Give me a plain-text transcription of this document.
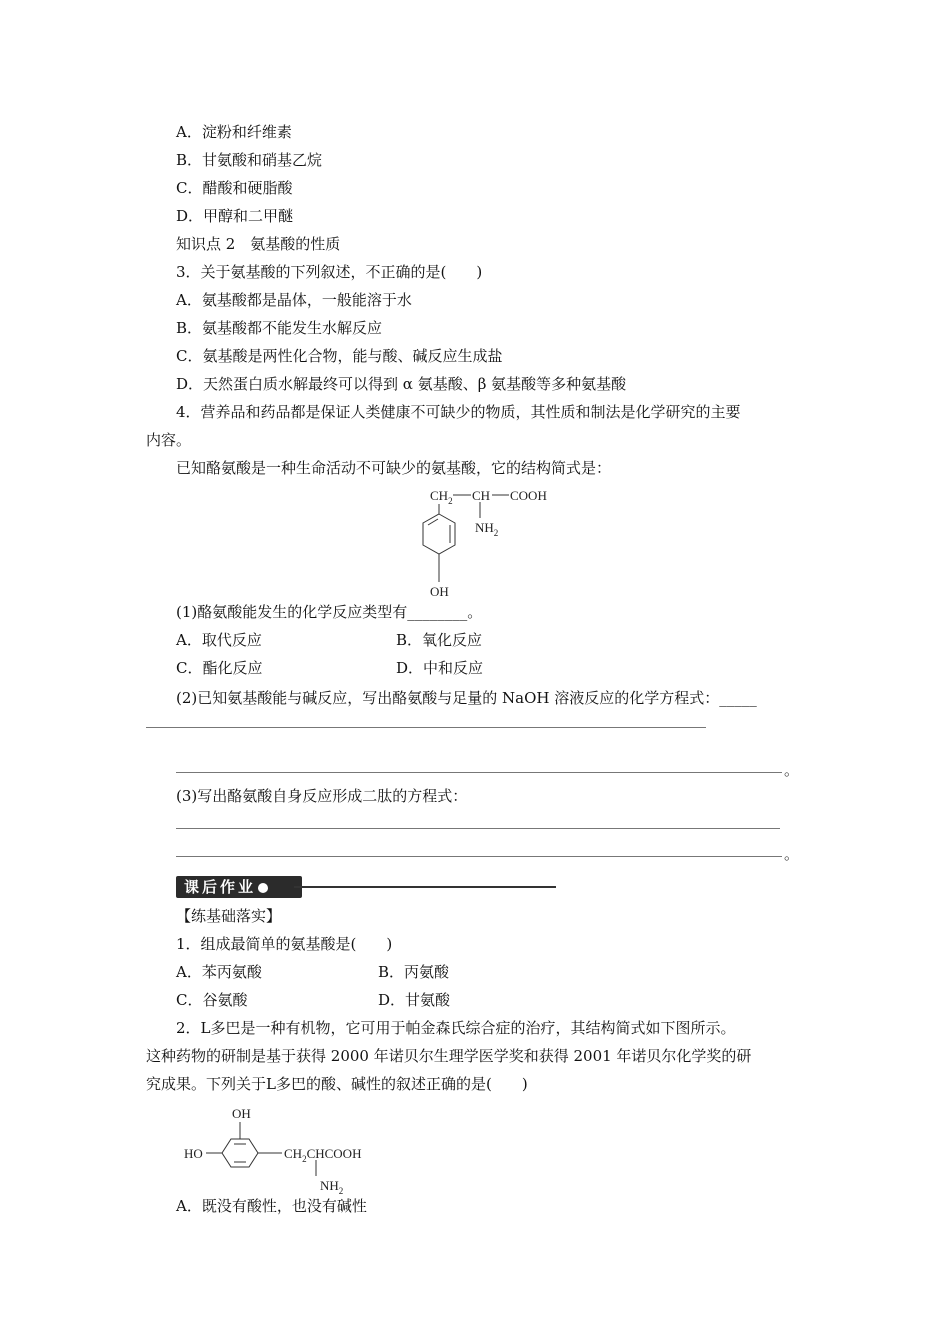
A．淀粉和纤维素
B．甘氨酸和硝基乙烷
C．醋酸和硬脂酸
D．甲醇和二甲醚
知识点 2　氨基酸的性质
3．关于氨基酸的下列叙述，不正确的是(　　)
A．氨基酸都是晶体，一般能溶于水
B．氨基酸都不能发生水解反应
C．氨基酸是两性化合物，能与酸、碱反应生成盐
D．天然蛋白质水解最终可以得到 α 氨基酸、β 氨基酸等多种氨基酸
4．营养品和药品都是保证人类健康不可缺少的物质，其性质和制法是化学研究的主要
内容。
已知酪氨酸是一种生命活动不可缺少的氨基酸，它的结构简式是：
$CH_2$ CH COOH
$NH_2$
OH
(1)酪氨酸能发生的化学反应类型有________。
A．取代反应	B．氧化反应
C．酯化反应	D．中和反应
(2)已知氨基酸能与碱反应，写出酪氨酸与足量的 NaOH 溶液反应的化学方程式：_____
。
(3)写出酪氨酸自身反应形成二肽的方程式：
。
课后作业
【练基础落实】
1．组成最简单的氨基酸是(　　)
A．苯丙氨酸	B．丙氨酸
C．谷氨酸	D．甘氨酸
2．L多巴是一种有机物，它可用于帕金森氏综合症的治疗，其结构简式如下图所示。
这种药物的研制是基于获得 2000 年诺贝尔生理学医学奖和获得 2001 年诺贝尔化学奖的研
究成果。下列关于L多巴的酸、碱性的叙述正确的是(　　)
OH
HO	$CH_2CHCOOH$
$NH_2$
A．既没有酸性，也没有碱性
